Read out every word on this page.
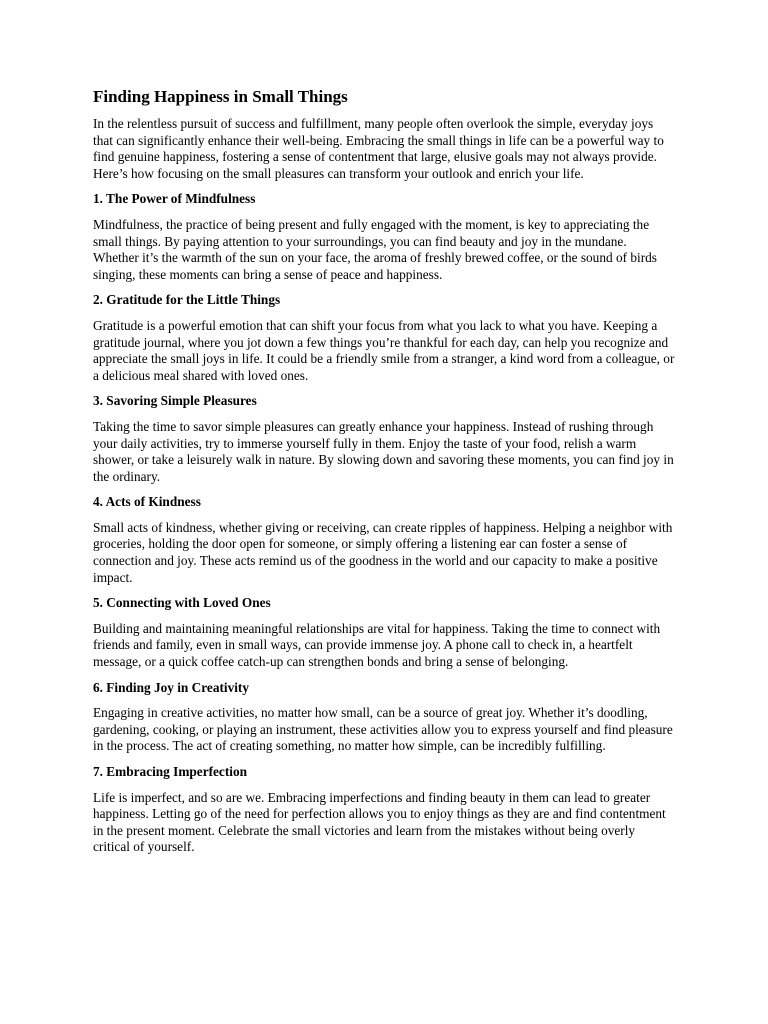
Finding Happiness in Small Things

In the relentless pursuit of success and fulfillment, many people often overlook the simple, everyday joys that can significantly enhance their well-being. Embracing the small things in life can be a powerful way to find genuine happiness, fostering a sense of contentment that large, elusive goals may not always provide. Here’s how focusing on the small pleasures can transform your outlook and enrich your life.

1. The Power of Mindfulness

Mindfulness, the practice of being present and fully engaged with the moment, is key to appreciating the small things. By paying attention to your surroundings, you can find beauty and joy in the mundane. Whether it’s the warmth of the sun on your face, the aroma of freshly brewed coffee, or the sound of birds singing, these moments can bring a sense of peace and happiness.

2. Gratitude for the Little Things

Gratitude is a powerful emotion that can shift your focus from what you lack to what you have. Keeping a gratitude journal, where you jot down a few things you’re thankful for each day, can help you recognize and appreciate the small joys in life. It could be a friendly smile from a stranger, a kind word from a colleague, or a delicious meal shared with loved ones.

3. Savoring Simple Pleasures

Taking the time to savor simple pleasures can greatly enhance your happiness. Instead of rushing through your daily activities, try to immerse yourself fully in them. Enjoy the taste of your food, relish a warm shower, or take a leisurely walk in nature. By slowing down and savoring these moments, you can find joy in the ordinary.

4. Acts of Kindness

Small acts of kindness, whether giving or receiving, can create ripples of happiness. Helping a neighbor with groceries, holding the door open for someone, or simply offering a listening ear can foster a sense of connection and joy. These acts remind us of the goodness in the world and our capacity to make a positive impact.

5. Connecting with Loved Ones

Building and maintaining meaningful relationships are vital for happiness. Taking the time to connect with friends and family, even in small ways, can provide immense joy. A phone call to check in, a heartfelt message, or a quick coffee catch-up can strengthen bonds and bring a sense of belonging.

6. Finding Joy in Creativity

Engaging in creative activities, no matter how small, can be a source of great joy. Whether it’s doodling, gardening, cooking, or playing an instrument, these activities allow you to express yourself and find pleasure in the process. The act of creating something, no matter how simple, can be incredibly fulfilling.

7. Embracing Imperfection

Life is imperfect, and so are we. Embracing imperfections and finding beauty in them can lead to greater happiness. Letting go of the need for perfection allows you to enjoy things as they are and find contentment in the present moment. Celebrate the small victories and learn from the mistakes without being overly critical of yourself.
